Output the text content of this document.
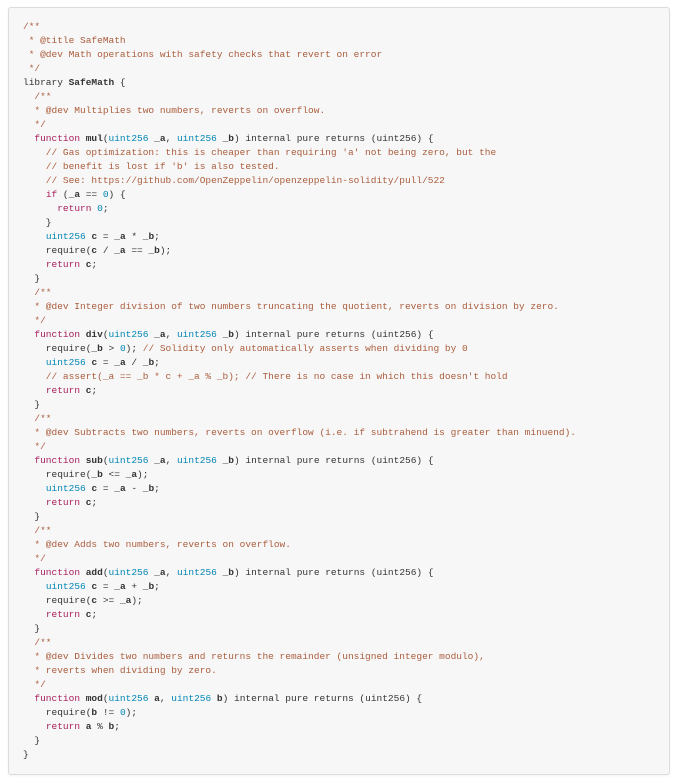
/**
* @title SafeMath
* @dev Math operations with safety checks that revert on error
*/
library SafeMath {
/**
* @dev Multiplies two numbers, reverts on overflow.
*/
function mul(uint256 _a, uint256 _b) internal pure returns (uint256) {
// Gas optimization: this is cheaper than requiring 'a' not being zero, but the
// benefit is lost if 'b' is also tested.
// See: https://github.com/OpenZeppelin/openzeppelin-solidity/pull/522
if (_a == 0) {
return 0;
}
uint256 c = _a * _b;
require(c / _a == _b);
return c;
}
/**
* @dev Integer division of two numbers truncating the quotient, reverts on division by zero.
*/
function div(uint256 _a, uint256 _b) internal pure returns (uint256) {
require(_b > 0); // Solidity only automatically asserts when dividing by 0
uint256 c = _a / _b;
// assert(_a == _b * c + _a % _b); // There is no case in which this doesn't hold
return c;
}
/**
* @dev Subtracts two numbers, reverts on overflow (i.e. if subtrahend is greater than minuend).
*/
function sub(uint256 _a, uint256 _b) internal pure returns (uint256) {
require(_b <= _a);
uint256 c = _a - _b;
return c;
}
/**
* @dev Adds two numbers, reverts on overflow.
*/
function add(uint256 _a, uint256 _b) internal pure returns (uint256) {
uint256 c = _a + _b;
require(c >= _a);
return c;
}
/**
* @dev Divides two numbers and returns the remainder (unsigned integer modulo),
* reverts when dividing by zero.
*/
function mod(uint256 a, uint256 b) internal pure returns (uint256) {
require(b != 0);
return a % b;
}
}
